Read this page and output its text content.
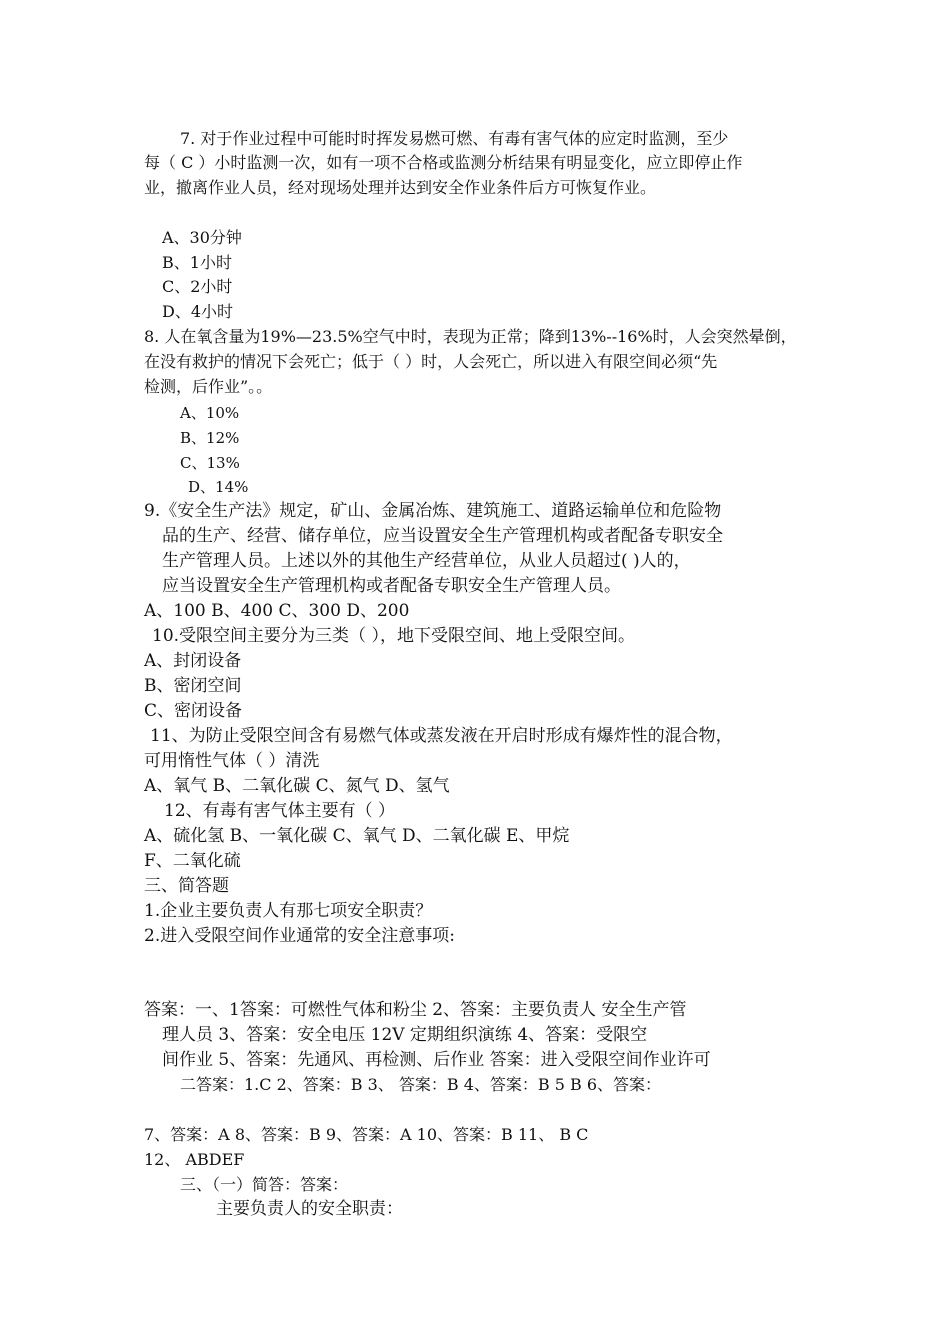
7. 对于作业过程中可能时时挥发易燃可燃、有毒有害气体的应定时监测，至少
每（ C ）小时监测一次，如有一项不合格或监测分析结果有明显变化，应立即停止作
业，撤离作业人员，经对现场处理并达到安全作业条件后方可恢复作业。
A、30分钟
B、1小时
C、2小时
D、4小时
8. 人在氧含量为19%—23.5%空气中时，表现为正常；降到13%--16%时，人会突然晕倒，
在没有救护的情况下会死亡；低于（ ）时，人会死亡，所以进入有限空间必须“先
检测，后作业”。。
A、10%
B、12%
C、13%
D、14%
9.《安全生产法》规定，矿山、金属冶炼、建筑施工、道路运输单位和危险物
品的生产、经营、储存单位，应当设置安全生产管理机构或者配备专职安全
生产管理人员。上述以外的其他生产经营单位，从业人员超过( )人的，
应当设置安全生产管理机构或者配备专职安全生产管理人员。
A、100 B、400 C、300 D、200
10.受限空间主要分为三类（ ），地下受限空间、地上受限空间。
A、封闭设备
B、密闭空间
C、密闭设备
11、为防止受限空间含有易燃气体或蒸发液在开启时形成有爆炸性的混合物，
可用惰性气体（ ）清洗
A、氧气 B、二氧化碳 C、氮气 D、氢气
12、有毒有害气体主要有（ ）
A、硫化氢 B、一氧化碳 C、氧气 D、二氧化碳 E、甲烷
F、二氧化硫
三、简答题
1.企业主要负责人有那七项安全职责？
2.进入受限空间作业通常的安全注意事项:
答案：一、1答案：可燃性气体和粉尘 2、答案：主要负责人 安全生产管
理人员 3、答案：安全电压 12V 定期组织演练 4、答案：受限空
间作业 5、答案：先通风、再检测、后作业 答案：进入受限空间作业许可
二答案：1.C 2、答案：B 3、 答案：B 4、答案：B 5 B 6、答案：
7、答案：A 8、答案：B 9、答案：A 10、答案：B 11、 B C
12、 ABDEF
三、（一）简答：答案：
主要负责人的安全职责：
